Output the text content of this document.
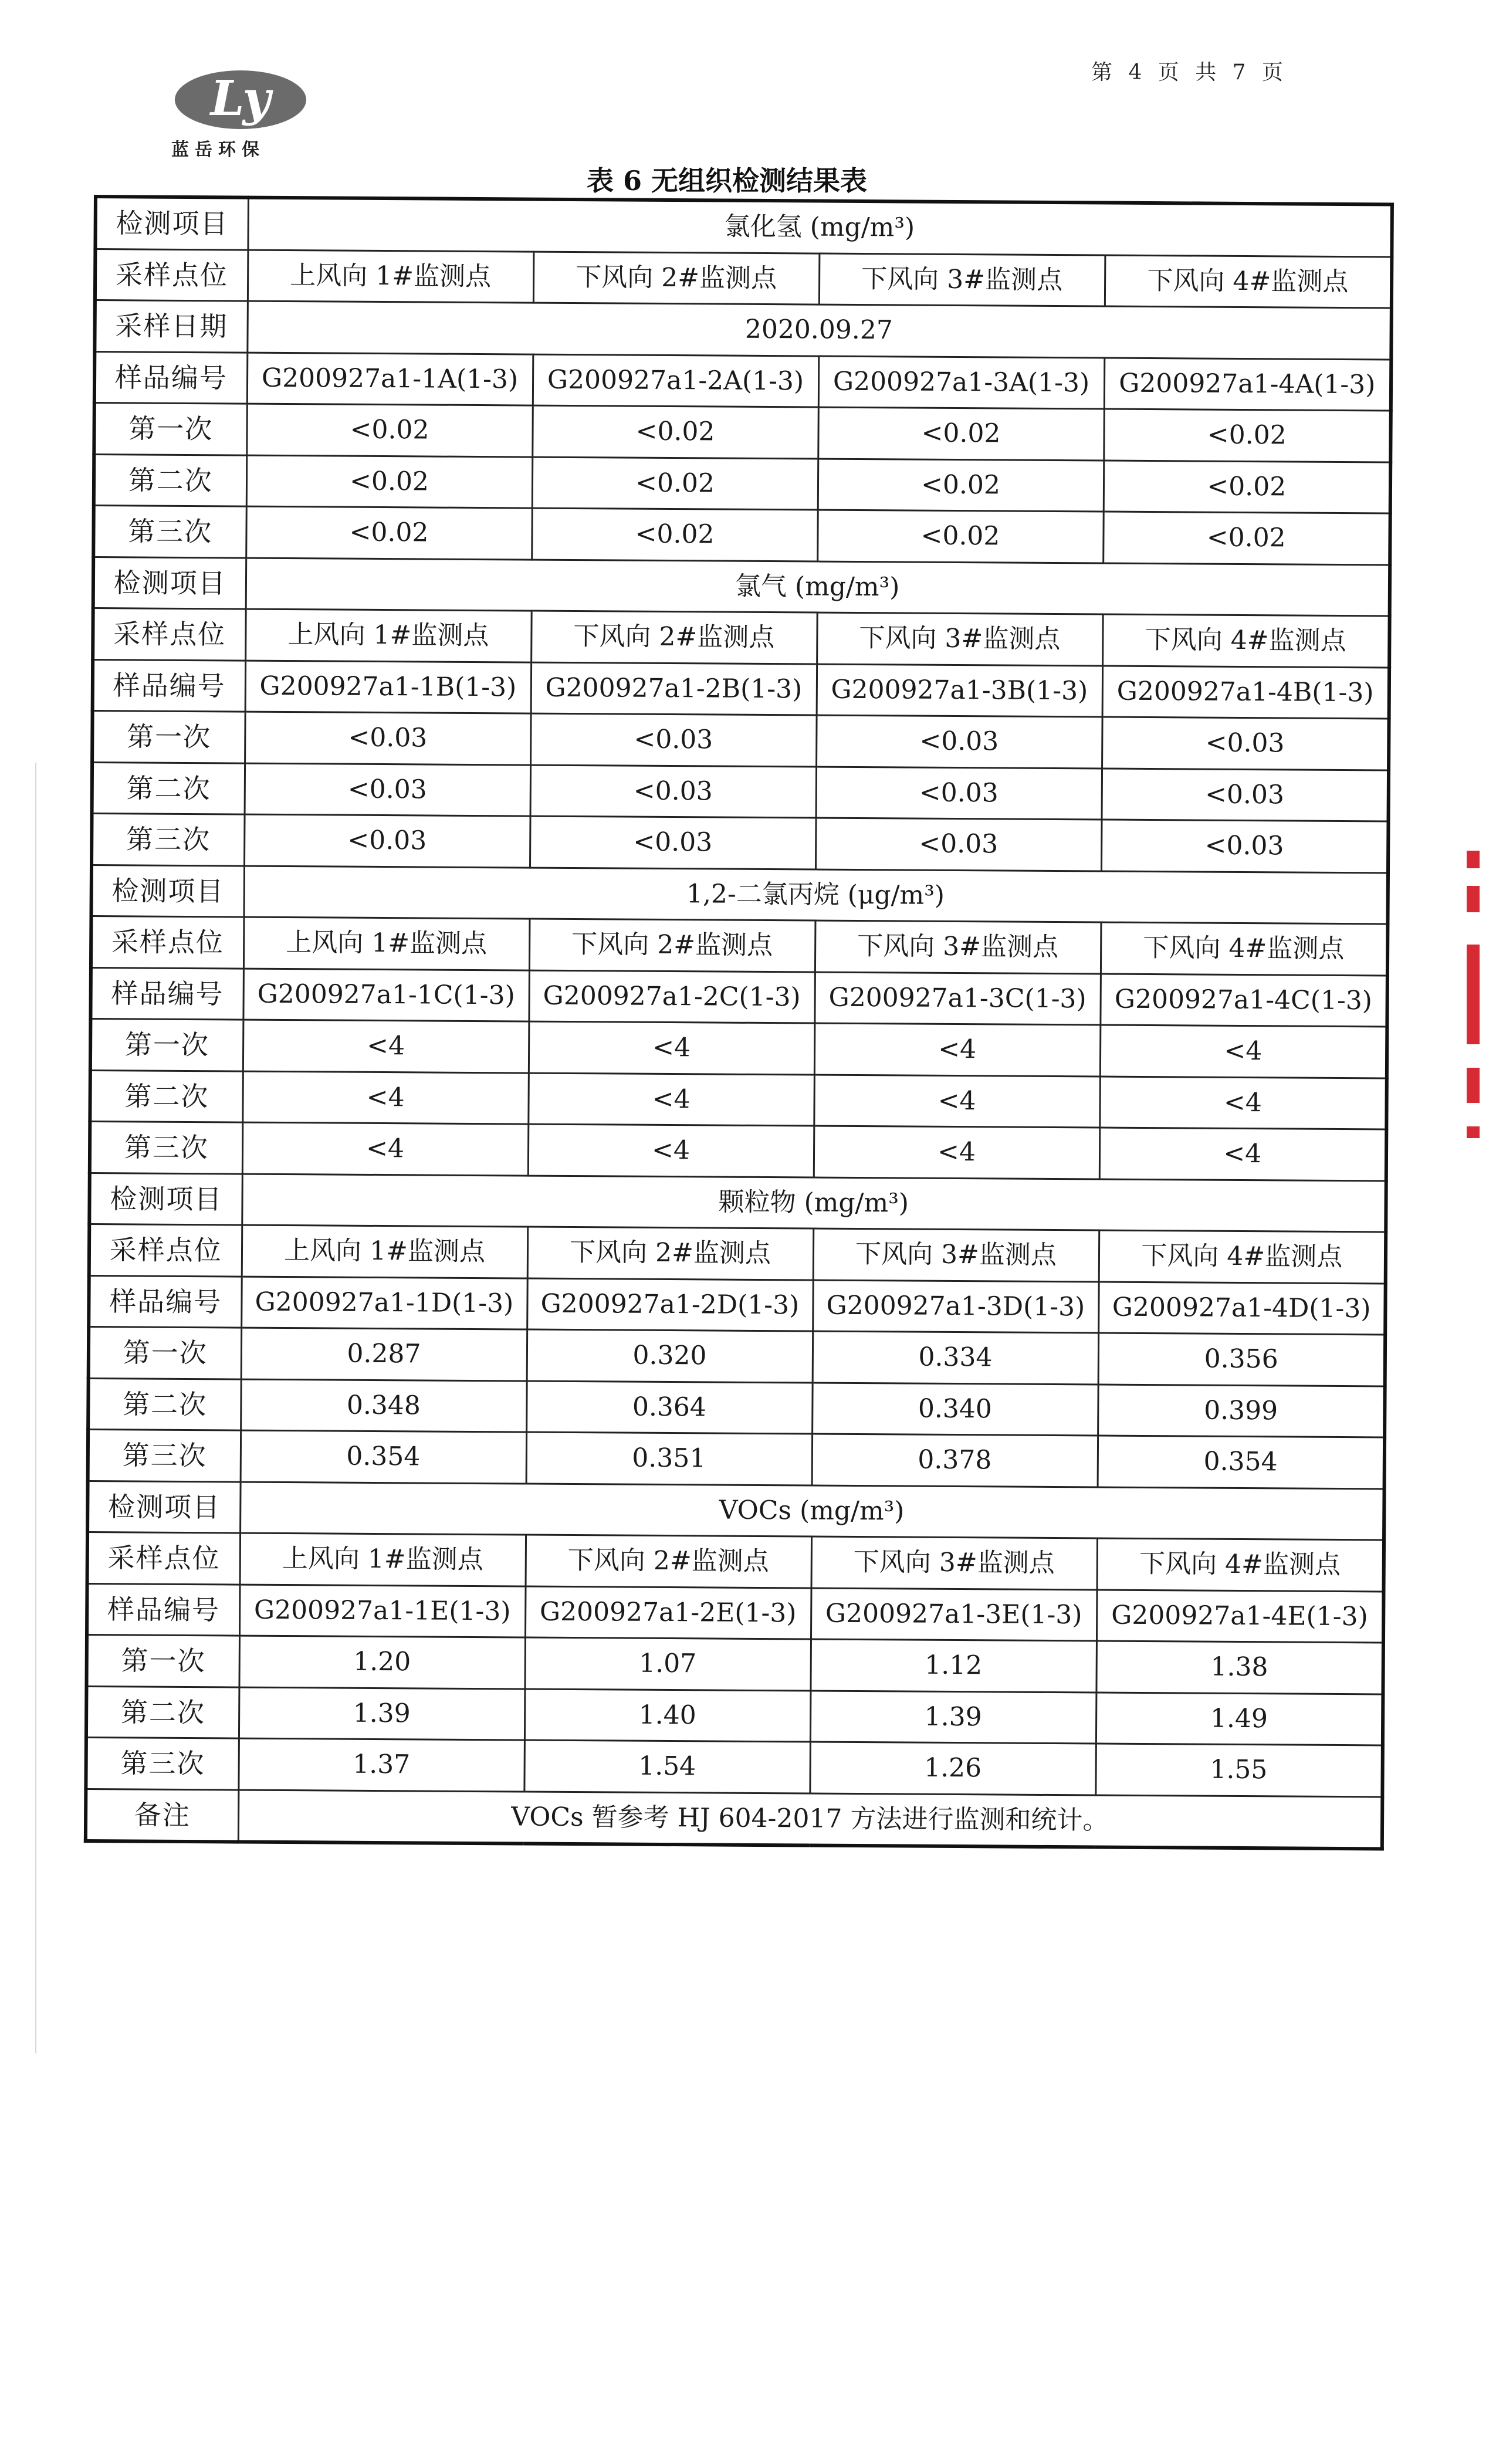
Ly
蓝岳环保
第 4 页 共 7 页
表 6 无组织检测结果表
检测项目	氯化氢 (mg/m³)			
采样点位	上风向 1#监测点	下风向 2#监测点	下风向 3#监测点	下风向 4#监测点
采样日期	2020.09.27			
样品编号	G200927a1-1A(1-3)	G200927a1-2A(1-3)	G200927a1-3A(1-3)	G200927a1-4A(1-3)
第一次	<0.02	<0.02	<0.02	<0.02
第二次	<0.02	<0.02	<0.02	<0.02
第三次	<0.02	<0.02	<0.02	<0.02
检测项目	氯气 (mg/m³)			
采样点位	上风向 1#监测点	下风向 2#监测点	下风向 3#监测点	下风向 4#监测点
样品编号	G200927a1-1B(1-3)	G200927a1-2B(1-3)	G200927a1-3B(1-3)	G200927a1-4B(1-3)
第一次	<0.03	<0.03	<0.03	<0.03
第二次	<0.03	<0.03	<0.03	<0.03
第三次	<0.03	<0.03	<0.03	<0.03
检测项目	1,2-二氯丙烷 (μg/m³)			
采样点位	上风向 1#监测点	下风向 2#监测点	下风向 3#监测点	下风向 4#监测点
样品编号	G200927a1-1C(1-3)	G200927a1-2C(1-3)	G200927a1-3C(1-3)	G200927a1-4C(1-3)
第一次	<4	<4	<4	<4
第二次	<4	<4	<4	<4
第三次	<4	<4	<4	<4
检测项目	颗粒物 (mg/m³)			
采样点位	上风向 1#监测点	下风向 2#监测点	下风向 3#监测点	下风向 4#监测点
样品编号	G200927a1-1D(1-3)	G200927a1-2D(1-3)	G200927a1-3D(1-3)	G200927a1-4D(1-3)
第一次	0.287	0.320	0.334	0.356
第二次	0.348	0.364	0.340	0.399
第三次	0.354	0.351	0.378	0.354
检测项目	VOCs (mg/m³)			
采样点位	上风向 1#监测点	下风向 2#监测点	下风向 3#监测点	下风向 4#监测点
样品编号	G200927a1-1E(1-3)	G200927a1-2E(1-3)	G200927a1-3E(1-3)	G200927a1-4E(1-3)
第一次	1.20	1.07	1.12	1.38
第二次	1.39	1.40	1.39	1.49
第三次	1.37	1.54	1.26	1.55
备注	VOCs 暂参考 HJ 604-2017 方法进行监测和统计。			
